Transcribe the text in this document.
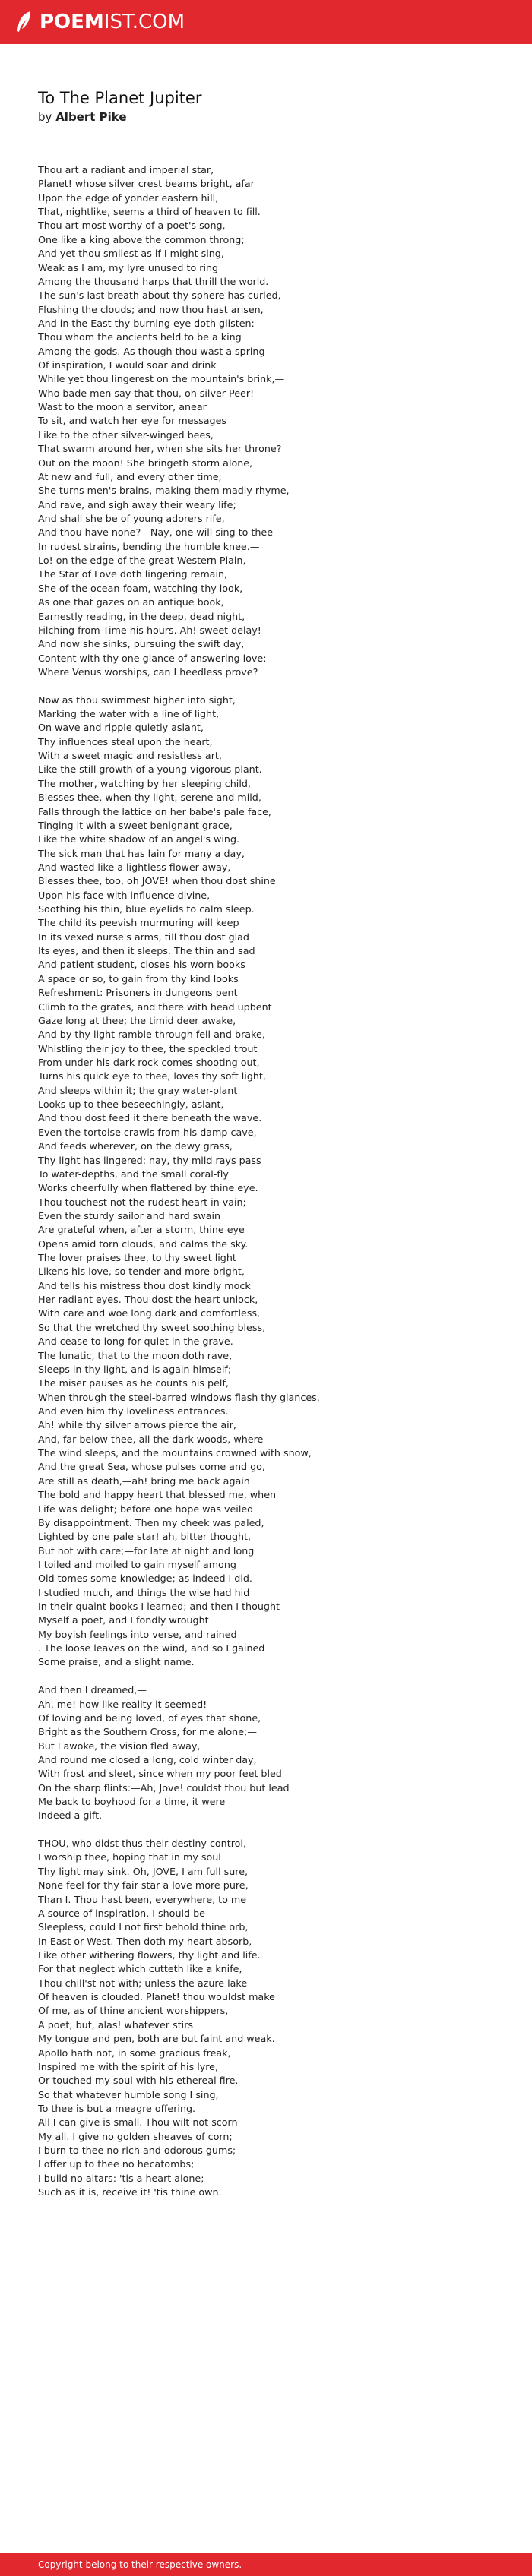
POEMIST.COM
To The Planet Jupiter
by Albert Pike

Thou art a radiant and imperial star,
Planet! whose silver crest beams bright, afar
Upon the edge of yonder eastern hill,
That, nightlike, seems a third of heaven to fill.
Thou art most worthy of a poet's song,
One like a king above the common throng;
And yet thou smilest as if I might sing,
Weak as I am, my lyre unused to ring
Among the thousand harps that thrill the world.
The sun's last breath about thy sphere has curled,
Flushing the clouds; and now thou hast arisen,
And in the East thy burning eye doth glisten:
Thou whom the ancients held to be a king
Among the gods. As though thou wast a spring
Of inspiration, I would soar and drink
While yet thou lingerest on the mountain's brink,—
Who bade men say that thou, oh silver Peer!
Wast to the moon a servitor, anear
To sit, and watch her eye for messages
Like to the other silver-winged bees,
That swarm around her, when she sits her throne?
Out on the moon! She bringeth storm alone,
At new and full, and every other time;
She turns men's brains, making them madly rhyme,
And rave, and sigh away their weary life;
And shall she be of young adorers rife,
And thou have none?—Nay, one will sing to thee
In rudest strains, bending the humble knee.—
Lo! on the edge of the great Western Plain,
The Star of Love doth lingering remain,
She of the ocean-foam, watching thy look,
As one that gazes on an antique book,
Earnestly reading, in the deep, dead night,
Filching from Time his hours. Ah! sweet delay!
And now she sinks, pursuing the swift day,
Content with thy one glance of answering love:—
Where Venus worships, can I heedless prove?

Now as thou swimmest higher into sight,
Marking the water with a line of light,
On wave and ripple quietly aslant,
Thy influences steal upon the heart,
With a sweet magic and resistless art,
Like the still growth of a young vigorous plant.
The mother, watching by her sleeping child,
Blesses thee, when thy light, serene and mild,
Falls through the lattice on her babe's pale face,
Tinging it with a sweet benignant grace,
Like the white shadow of an angel's wing.
The sick man that has lain for many a day,
And wasted like a lightless flower away,
Blesses thee, too, oh JOVE! when thou dost shine
Upon his face with influence divine,
Soothing his thin, blue eyelids to calm sleep.
The child its peevish murmuring will keep
In its vexed nurse's arms, till thou dost glad
Its eyes, and then it sleeps. The thin and sad
And patient student, closes his worn books
A space or so, to gain from thy kind looks
Refreshment: Prisoners in dungeons pent
Climb to the grates, and there with head upbent
Gaze long at thee; the timid deer awake,
And by thy light ramble through fell and brake,
Whistling their joy to thee, the speckled trout
From under his dark rock comes shooting out,
Turns his quick eye to thee, loves thy soft light,
And sleeps within it; the gray water-plant
Looks up to thee beseechingly, aslant,
And thou dost feed it there beneath the wave.
Even the tortoise crawls from his damp cave,
And feeds wherever, on the dewy grass,
Thy light has lingered: nay, thy mild rays pass
To water-depths, and the small coral-fly
Works cheerfully when flattered by thine eye.
Thou touchest not the rudest heart in vain;
Even the sturdy sailor and hard swain
Are grateful when, after a storm, thine eye
Opens amid torn clouds, and calms the sky.
The lover praises thee, to thy sweet light
Likens his love, so tender and more bright,
And tells his mistress thou dost kindly mock
Her radiant eyes. Thou dost the heart unlock,
With care and woe long dark and comfortless,
So that the wretched thy sweet soothing bless,
And cease to long for quiet in the grave.
The lunatic, that to the moon doth rave,
Sleeps in thy light, and is again himself;
The miser pauses as he counts his pelf,
When through the steel-barred windows flash thy glances,
And even him thy loveliness entrances.
Ah! while thy silver arrows pierce the air,
And, far below thee, all the dark woods, where
The wind sleeps, and the mountains crowned with snow,
And the great Sea, whose pulses come and go,
Are still as death,—ah! bring me back again
The bold and happy heart that blessed me, when
Life was delight; before one hope was veiled
By disappointment. Then my cheek was paled,
Lighted by one pale star! ah, bitter thought,
But not with care;—for late at night and long
I toiled and moiled to gain myself among
Old tomes some knowledge; as indeed I did.
I studied much, and things the wise had hid
In their quaint books I learned; and then I thought
Myself a poet, and I fondly wrought
My boyish feelings into verse, and rained
. The loose leaves on the wind, and so I gained
Some praise, and a slight name.

And then I dreamed,—
Ah, me! how like reality it seemed!—
Of loving and being loved, of eyes that shone,
Bright as the Southern Cross, for me alone;—
But I awoke, the vision fled away,
And round me closed a long, cold winter day,
With frost and sleet, since when my poor feet bled
On the sharp flints:—Ah, Jove! couldst thou but lead
Me back to boyhood for a time, it were
Indeed a gift.

THOU, who didst thus their destiny control,
I worship thee, hoping that in my soul
Thy light may sink. Oh, JOVE, I am full sure,
None feel for thy fair star a love more pure,
Than I. Thou hast been, everywhere, to me
A source of inspiration. I should be
Sleepless, could I not first behold thine orb,
In East or West. Then doth my heart absorb,
Like other withering flowers, thy light and life.
For that neglect which cutteth like a knife,
Thou chill'st not with; unless the azure lake
Of heaven is clouded. Planet! thou wouldst make
Of me, as of thine ancient worshippers,
A poet; but, alas! whatever stirs
My tongue and pen, both are but faint and weak.
Apollo hath not, in some gracious freak,
Inspired me with the spirit of his lyre,
Or touched my soul with his ethereal fire.
So that whatever humble song I sing,
To thee is but a meagre offering.
All I can give is small. Thou wilt not scorn
My all. I give no golden sheaves of corn;
I burn to thee no rich and odorous gums;
I offer up to thee no hecatombs;
I build no altars: 'tis a heart alone;
Such as it is, receive it! 'tis thine own.

Copyright belong to their respective owners.
